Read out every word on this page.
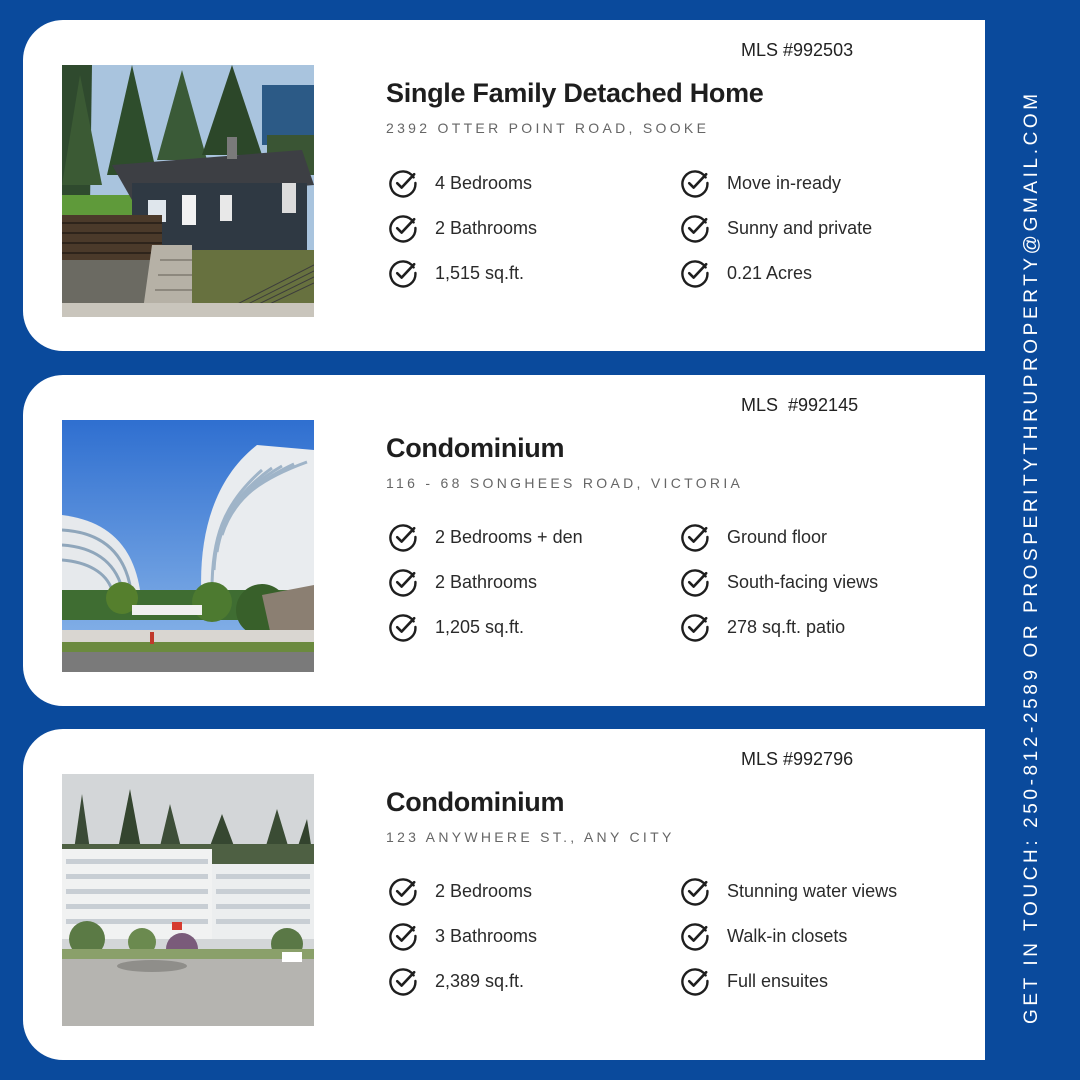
MLS #992503
Single Family Detached Home
2392 OTTER POINT ROAD, SOOKE
4 Bedrooms
2 Bathrooms
1,515 sq.ft.
Move in-ready
Sunny and private
0.21 Acres
MLS  #992145
Condominium
116 - 68 SONGHEES ROAD, VICTORIA
2 Bedrooms + den
2 Bathrooms
1,205 sq.ft.
Ground floor
South-facing views
278 sq.ft. patio
MLS #992796
Condominium
123 ANYWHERE ST., ANY CITY
2 Bedrooms
3 Bathrooms
2,389 sq.ft.
Stunning water views
Walk-in closets
Full ensuites	GET IN TOUCH: 250-812-2589 OR PROSPERITYTHRUPROPERTY@GMAIL.COM
